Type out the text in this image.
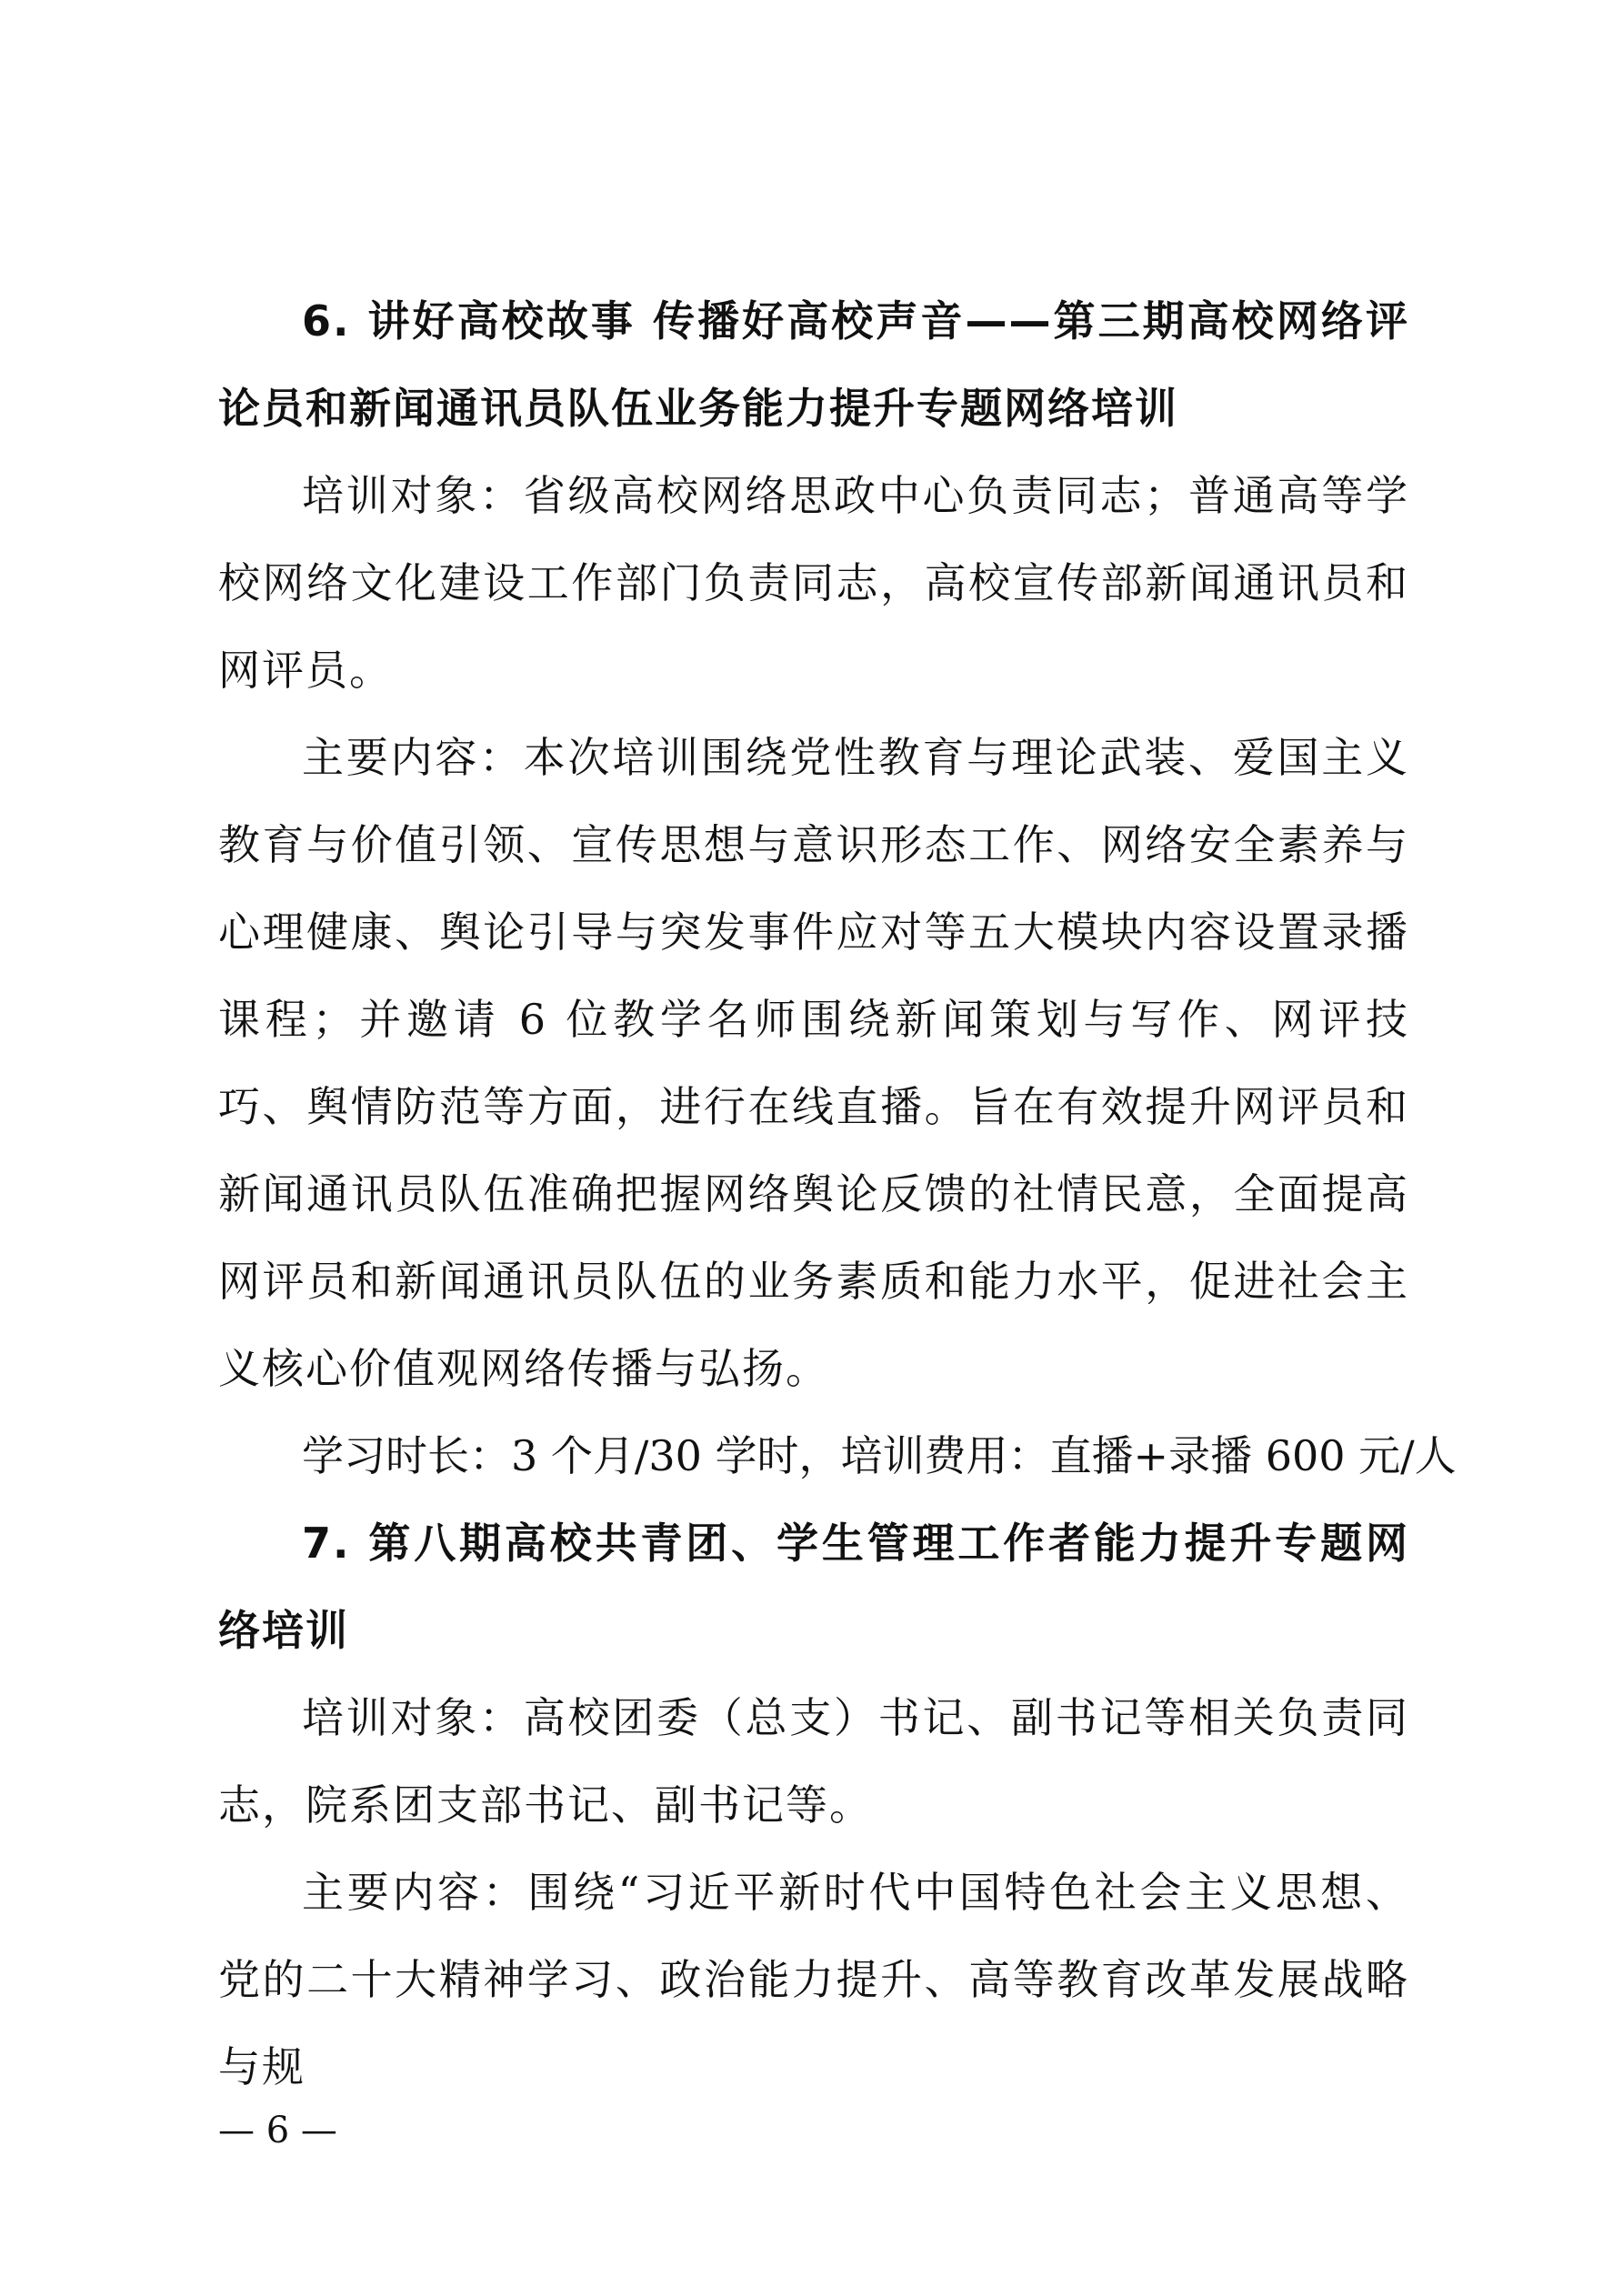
6. 讲好高校故事 传播好高校声音——第三期高校网络评论员和新闻通讯员队伍业务能力提升专题网络培训

培训对象：省级高校网络思政中心负责同志；普通高等学校网络文化建设工作部门负责同志，高校宣传部新闻通讯员和网评员。

主要内容：本次培训围绕党性教育与理论武装、爱国主义教育与价值引领、宣传思想与意识形态工作、网络安全素养与心理健康、舆论引导与突发事件应对等五大模块内容设置录播课程；并邀请 6 位教学名师围绕新闻策划与写作、网评技巧、舆情防范等方面，进行在线直播。旨在有效提升网评员和新闻通讯员队伍准确把握网络舆论反馈的社情民意，全面提高网评员和新闻通讯员队伍的业务素质和能力水平，促进社会主义核心价值观网络传播与弘扬。

学习时长：3 个月/30 学时，培训费用：直播+录播 600 元/人

7. 第八期高校共青团、学生管理工作者能力提升专题网络培训

培训对象：高校团委（总支）书记、副书记等相关负责同志，院系团支部书记、副书记等。

主要内容：围绕“习近平新时代中国特色社会主义思想、党的二十大精神学习、政治能力提升、高等教育改革发展战略与规

— 6 —
